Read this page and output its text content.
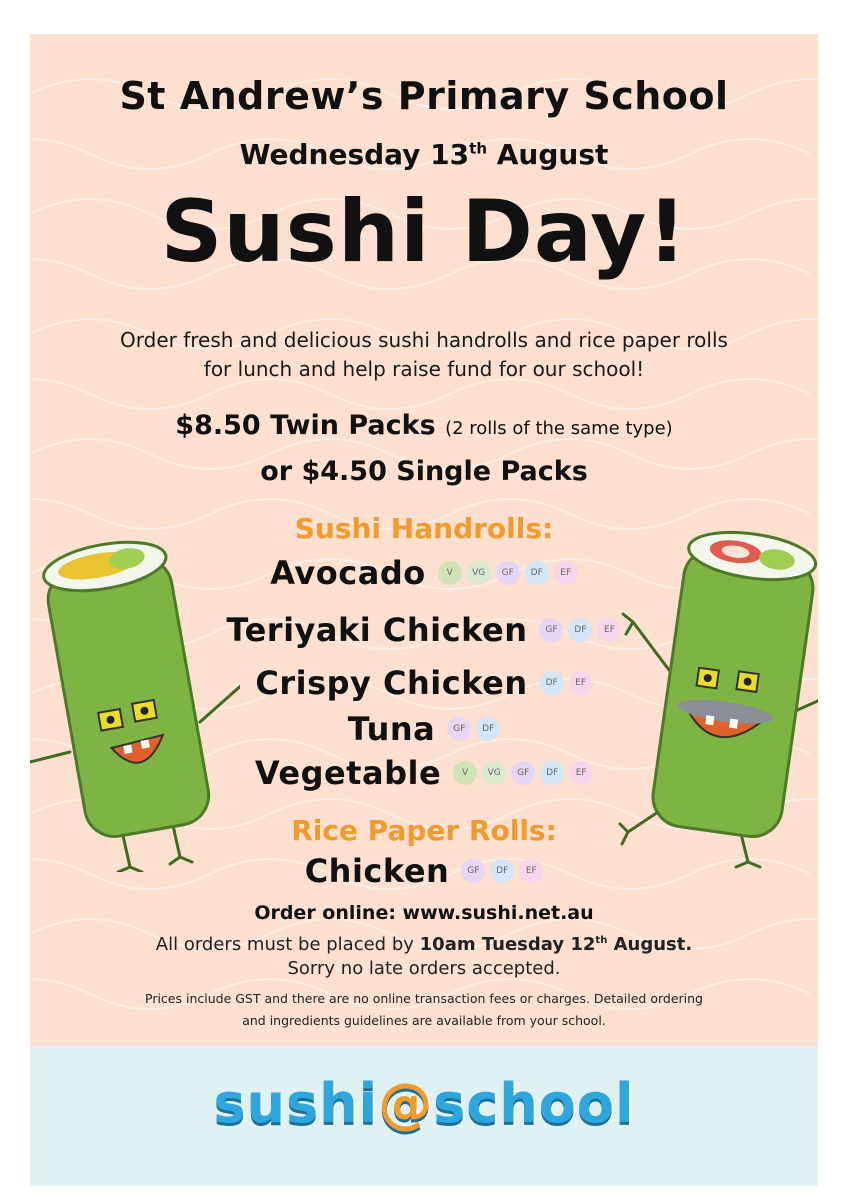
St Andrew’s Primary School
Wednesday 13th August
Sushi Day!
Order fresh and delicious sushi handrolls and rice paper rolls
for lunch and help raise fund for our school!
$8.50 Twin Packs (2 rolls of the same type)
or $4.50 Single Packs
Sushi Handrolls:
Avocado	V	VG	GF	DF	EF
Teriyaki Chicken	GF	DF	EF
Crispy Chicken	DF	EF
Tuna	GF	DF
Vegetable	V	VG	GF	DF	EF
Rice Paper Rolls:
Chicken	GF	DF	EF
Order online: www.sushi.net.au
All orders must be placed by 10am Tuesday 12th August.
Sorry no late orders accepted.
Prices include GST and there are no online transaction fees or charges. Detailed ordering
and ingredients guidelines are available from your school.
sushi@school
